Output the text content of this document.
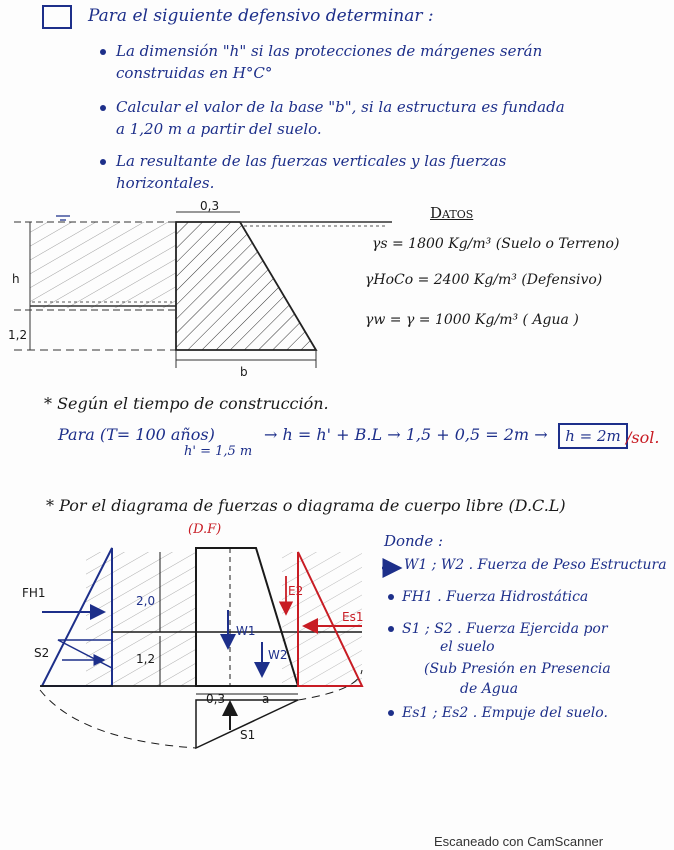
Para el siguiente defensivo determinar :
La dimensión "h" si las protecciones de márgenes serán
construidas en H°C°
Calcular el valor de la base "b", si la estructura es fundada
a 1,20 m a partir del suelo.
La resultante de las fuerzas verticales y las fuerzas
horizontales.
0,3
h
1,2
b
Datos
γs = 1800 Kg/m³ (Suelo o Terreno)
γHoCo = 2400 Kg/m³ (Defensivo)
γw = γ = 1000 Kg/m³ ( Agua )
* Según el tiempo de construcción.
Para (T= 100 años)
h' = 1,5 m
→ h = h' + B.L → 1,5 + 0,5 = 2m →	h = 2m /sol.
* Por el diagrama de fuerzas o diagrama de cuerpo libre (D.C.L)
(D.F)
FH1
2,0
1,2
S2
W1
W2
E2
Es1
0,3	a
S1
Donde :
W1 ; W2 . Fuerza de Peso Estructura
FH1 . Fuerza Hidrostática
S1 ; S2 . Fuerza Ejercida por
el suelo
(Sub Presión en Presencia
de Agua
Es1 ; Es2 . Empuje del suelo.
Escaneado con CamScanner
